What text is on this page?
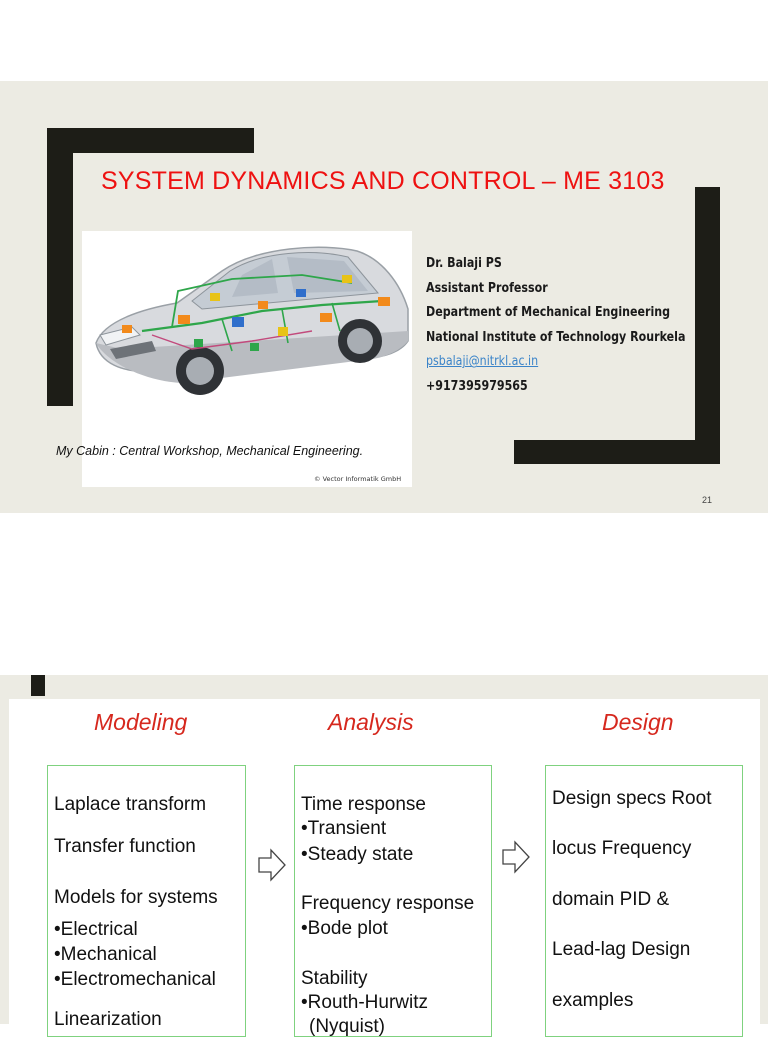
SYSTEM DYNAMICS AND CONTROL – ME 3103
© Vector Informatik GmbH
Dr. Balaji PS
Assistant Professor
Department of Mechanical Engineering
National Institute of Technology Rourkela
psbalaji@nitrkl.ac.in
+917395979565
My Cabin : Central Workshop, Mechanical Engineering.
21
Modeling
Laplace transform
Transfer function
Models for systems
•Electrical
•Mechanical
•Electromechanical
Linearization
Analysis
Time response
•Transient
•Steady state
Frequency response
•Bode plot
Stability
•Routh-Hurwitz
(Nyquist)
Design
Design specs Root
locus Frequency
domain PID &
Lead-lag Design
examples
